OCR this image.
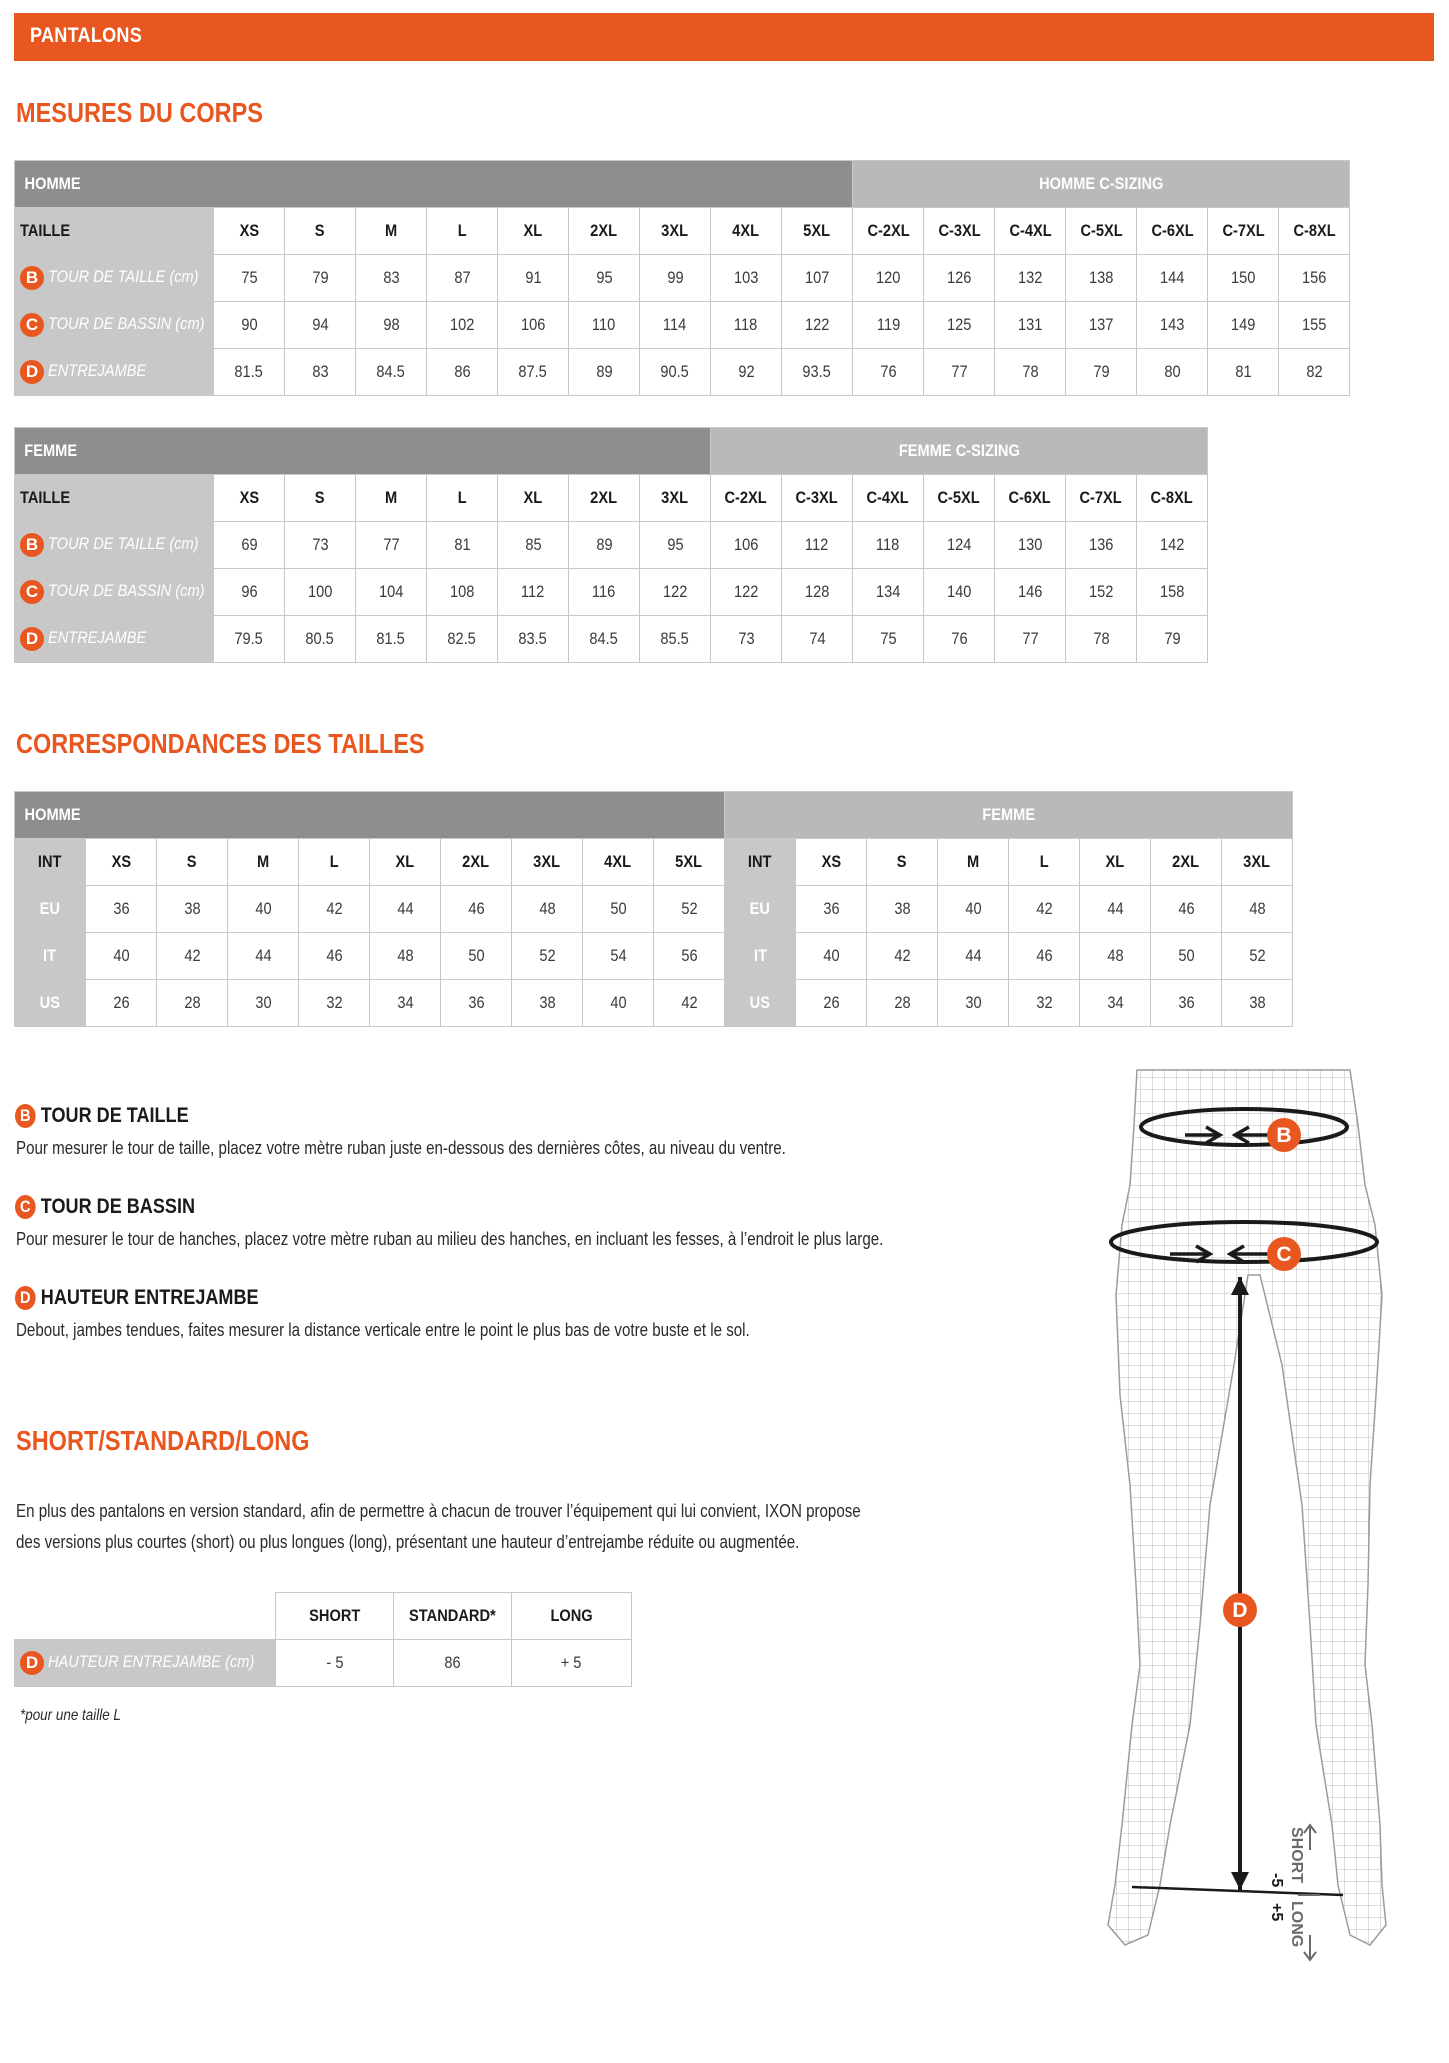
PANTALONS
MESURES DU CORPS
HOMME										HOMME C-SIZING						
TAILLE	XS	S	M	L	XL	2XL	3XL	4XL	5XL	C-2XL	C-3XL	C-4XL	C-5XL	C-6XL	C-7XL	C-8XL
B TOUR DE TAILLE (cm)	75	79	83	87	91	95	99	103	107	120	126	132	138	144	150	156
C TOUR DE BASSIN (cm)	90	94	98	102	106	110	114	118	122	119	125	131	137	143	149	155
D ENTREJAMBE	81.5	83	84.5	86	87.5	89	90.5	92	93.5	76	77	78	79	80	81	82
FEMME								FEMME C-SIZING						
TAILLE	XS	S	M	L	XL	2XL	3XL	C-2XL	C-3XL	C-4XL	C-5XL	C-6XL	C-7XL	C-8XL
B TOUR DE TAILLE (cm)	69	73	77	81	85	89	95	106	112	118	124	130	136	142
C TOUR DE BASSIN (cm)	96	100	104	108	112	116	122	122	128	134	140	146	152	158
D ENTREJAMBE	79.5	80.5	81.5	82.5	83.5	84.5	85.5	73	74	75	76	77	78	79
CORRESPONDANCES DES TAILLES
HOMME										FEMME							
INT	XS	S	M	L	XL	2XL	3XL	4XL	5XL	INT	XS	S	M	L	XL	2XL	3XL
EU	36	38	40	42	44	46	48	50	52	EU	36	38	40	42	44	46	48
IT	40	42	44	46	48	50	52	54	56	IT	40	42	44	46	48	50	52
US	26	28	30	32	34	36	38	40	42	US	26	28	30	32	34	36	38
B TOUR DE TAILLE
Pour mesurer le tour de taille, placez votre mètre ruban juste en-dessous des dernières côtes, au niveau du ventre.
C TOUR DE BASSIN
Pour mesurer le tour de hanches, placez votre mètre ruban au milieu des hanches, en incluant les fesses, à l’endroit le plus large.
D HAUTEUR ENTREJAMBE
Debout, jambes tendues, faites mesurer la distance verticale entre le point le plus bas de votre buste et le sol.
SHORT/STANDARD/LONG
En plus des pantalons en version standard, afin de permettre à chacun de trouver l’équipement qui lui convient, IXON propose
des versions plus courtes (short) ou plus longues (long), présentant une hauteur d’entrejambe réduite ou augmentée.
	SHORT	STANDARD*	LONG
D HAUTEUR ENTREJAMBE (cm)	- 5	86	+ 5
*pour une taille L
B
C
D
SHORT
LONG
-5
+5
